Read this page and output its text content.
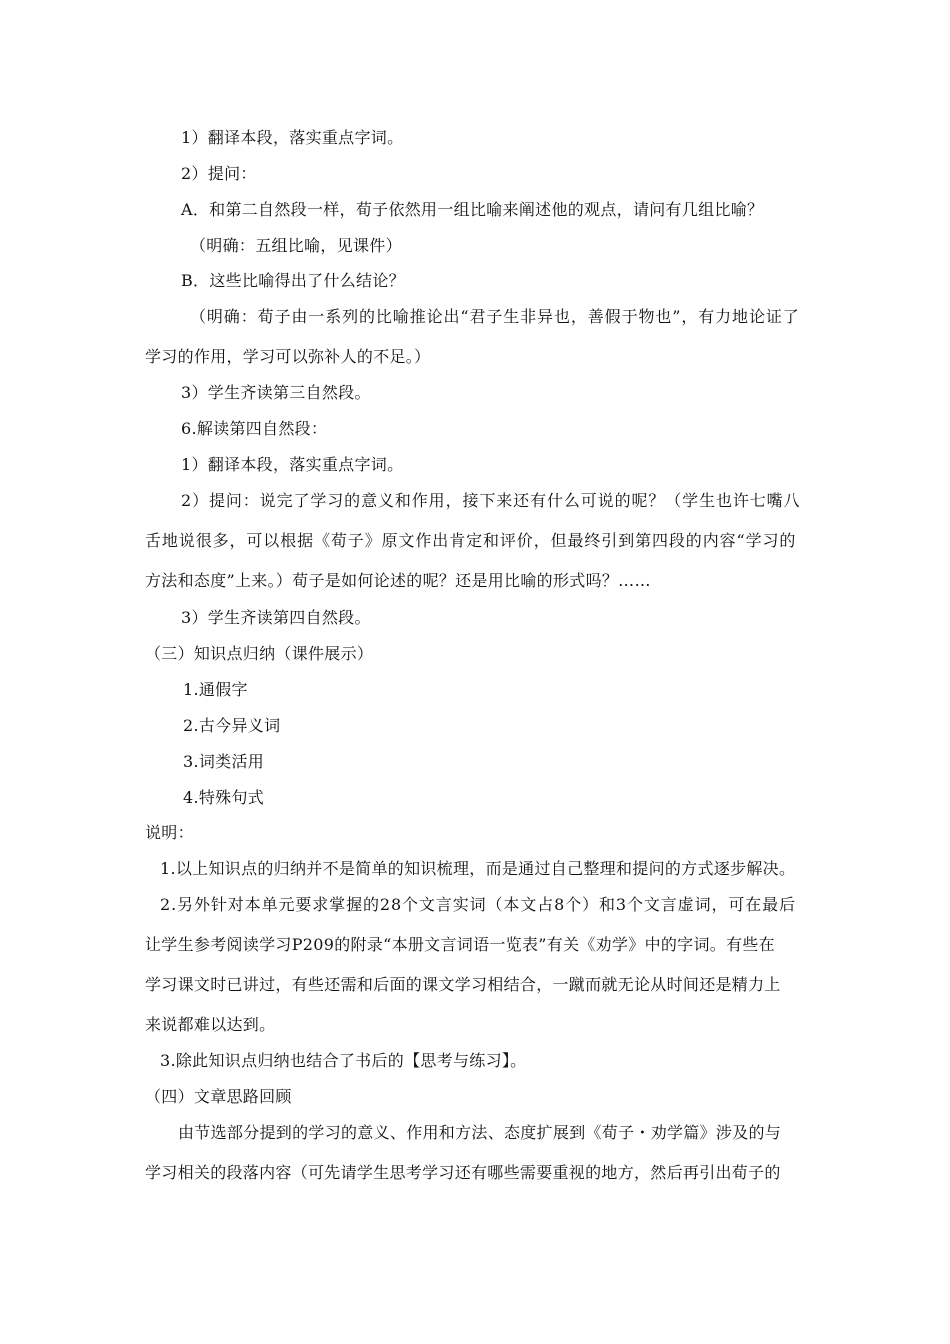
1）翻译本段，落实重点字词。
2）提问：
A．和第二自然段一样，荀子依然用一组比喻来阐述他的观点，请问有几组比喻？
（明确：五组比喻，见课件）
B．这些比喻得出了什么结论？
（明确：荀子由一系列的比喻推论出“君子生非异也，善假于物也”，有力地论证了
学习的作用，学习可以弥补人的不足。）
3）学生齐读第三自然段。
6.解读第四自然段：
1）翻译本段，落实重点字词。
2）提问：说完了学习的意义和作用，接下来还有什么可说的呢？（学生也许七嘴八
舌地说很多，可以根据《荀子》原文作出肯定和评价，但最终引到第四段的内容“学习的
方法和态度”上来。）荀子是如何论述的呢？还是用比喻的形式吗？……
3）学生齐读第四自然段。
（三）知识点归纳（课件展示）
1.通假字
2.古今异义词
3.词类活用
4.特殊句式
说明：
1.以上知识点的归纳并不是简单的知识梳理，而是通过自己整理和提问的方式逐步解决。
2.另外针对本单元要求掌握的28个文言实词（本文占8个）和3个文言虚词，可在最后
让学生参考阅读学习P209的附录“本册文言词语一览表”有关《劝学》中的字词。有些在
学习课文时已讲过，有些还需和后面的课文学习相结合，一蹴而就无论从时间还是精力上
来说都难以达到。
3.除此知识点归纳也结合了书后的【思考与练习】。
（四）文章思路回顾
由节选部分提到的学习的意义、作用和方法、态度扩展到《荀子・劝学篇》涉及的与
学习相关的段落内容（可先请学生思考学习还有哪些需要重视的地方，然后再引出荀子的
